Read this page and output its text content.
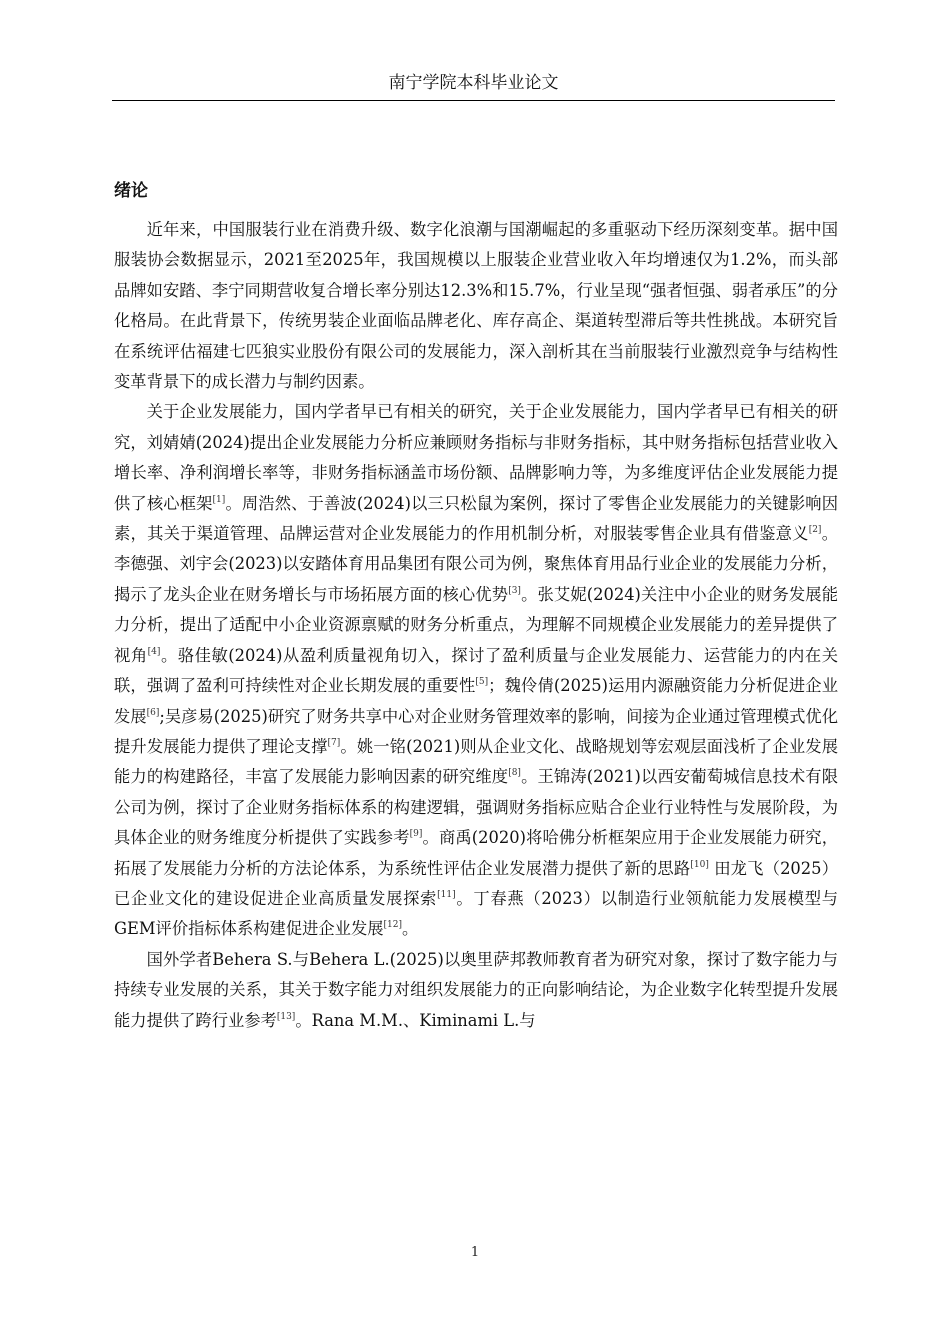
南宁学院本科毕业论文
绪论

近年来，中国服装行业在消费升级、数字化浪潮与国潮崛起的多重驱动下经历深刻变革。据中国服装协会数据显示，2021至2025年，我国规模以上服装企业营业收入年均增速仅为1.2%，而头部品牌如安踏、李宁同期营收复合增长率分别达12.3%和15.7%，行业呈现“强者恒强、弱者承压”的分化格局。在此背景下，传统男装企业面临品牌老化、库存高企、渠道转型滞后等共性挑战。本研究旨在系统评估福建七匹狼实业股份有限公司的发展能力，深入剖析其在当前服装行业激烈竞争与结构性变革背景下的成长潜力与制约因素。

关于企业发展能力，国内学者早已有相关的研究，关于企业发展能力，国内学者早已有相关的研究，刘婧婧(2024)提出企业发展能力分析应兼顾财务指标与非财务指标，其中财务指标包括营业收入增长率、净利润增长率等，非财务指标涵盖市场份额、品牌影响力等，为多维度评估企业发展能力提供了核心框架[1]。周浩然、于善波(2024)以三只松鼠为案例，探讨了零售企业发展能力的关键影响因素，其关于渠道管理、品牌运营对企业发展能力的作用机制分析，对服装零售企业具有借鉴意义[2]。李德强、刘宇会(2023)以安踏体育用品集团有限公司为例，聚焦体育用品行业企业的发展能力分析，揭示了龙头企业在财务增长与市场拓展方面的核心优势[3]。张艾妮(2024)关注中小企业的财务发展能力分析，提出了适配中小企业资源禀赋的财务分析重点，为理解不同规模企业发展能力的差异提供了视角[4]。骆佳敏(2024)从盈利质量视角切入，探讨了盈利质量与企业发展能力、运营能力的内在关联，强调了盈利可持续性对企业长期发展的重要性[5]；魏伶倩(2025)运用内源融资能力分析促进企业发展[6];吴彦易(2025)研究了财务共享中心对企业财务管理效率的影响，间接为企业通过管理模式优化提升发展能力提供了理论支撑[7]。姚一铭(2021)则从企业文化、战略规划等宏观层面浅析了企业发展能力的构建路径，丰富了发展能力影响因素的研究维度[8]。王锦涛(2021)以西安葡萄城信息技术有限公司为例，探讨了企业财务指标体系的构建逻辑，强调财务指标应贴合企业行业特性与发展阶段，为具体企业的财务维度分析提供了实践参考[9]。商禹(2020)将哈佛分析框架应用于企业发展能力研究，拓展了发展能力分析的方法论体系，为系统性评估企业发展潜力提供了新的思路[10] 田龙飞（2025）已企业文化的建设促进企业高质量发展探索[11]。丁春燕（2023）以制造行业领航能力发展模型与GEM评价指标体系构建促进企业发展[12]。

国外学者Behera S.与Behera L.(2025)以奥里萨邦教师教育者为研究对象，探讨了数字能力与持续专业发展的关系，其关于数字能力对组织发展能力的正向影响结论，为企业数字化转型提升发展能力提供了跨行业参考[13]。Rana M.M.、Kiminami L.与

1
